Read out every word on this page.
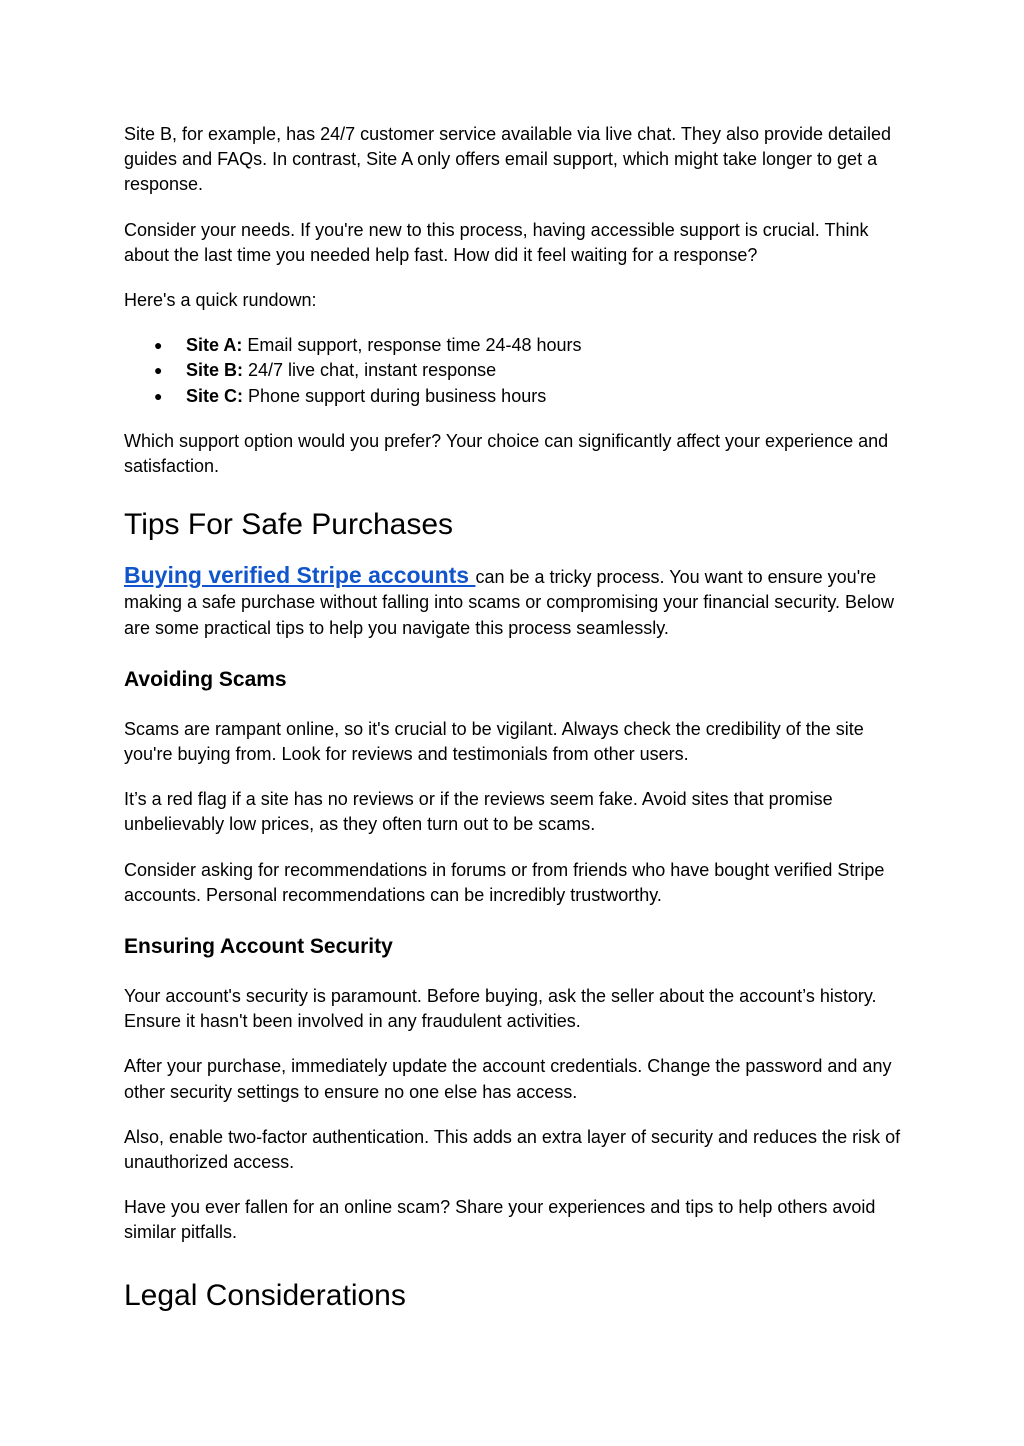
Site B, for example, has 24/7 customer service available via live chat. They also provide detailed guides and FAQs. In contrast, Site A only offers email support, which might take longer to get a response.

Consider your needs. If you're new to this process, having accessible support is crucial. Think about the last time you needed help fast. How did it feel waiting for a response?

Here's a quick rundown:

● Site A: Email support, response time 24-48 hours
● Site B: 24/7 live chat, instant response
● Site C: Phone support during business hours

Which support option would you prefer? Your choice can significantly affect your experience and satisfaction.

Tips For Safe Purchases

Buying verified Stripe accounts can be a tricky process. You want to ensure you're making a safe purchase without falling into scams or compromising your financial security. Below are some practical tips to help you navigate this process seamlessly.

Avoiding Scams

Scams are rampant online, so it's crucial to be vigilant. Always check the credibility of the site you're buying from. Look for reviews and testimonials from other users.

It’s a red flag if a site has no reviews or if the reviews seem fake. Avoid sites that promise unbelievably low prices, as they often turn out to be scams.

Consider asking for recommendations in forums or from friends who have bought verified Stripe accounts. Personal recommendations can be incredibly trustworthy.

Ensuring Account Security

Your account's security is paramount. Before buying, ask the seller about the account’s history. Ensure it hasn't been involved in any fraudulent activities.

After your purchase, immediately update the account credentials. Change the password and any other security settings to ensure no one else has access.

Also, enable two-factor authentication. This adds an extra layer of security and reduces the risk of unauthorized access.

Have you ever fallen for an online scam? Share your experiences and tips to help others avoid similar pitfalls.

Legal Considerations
